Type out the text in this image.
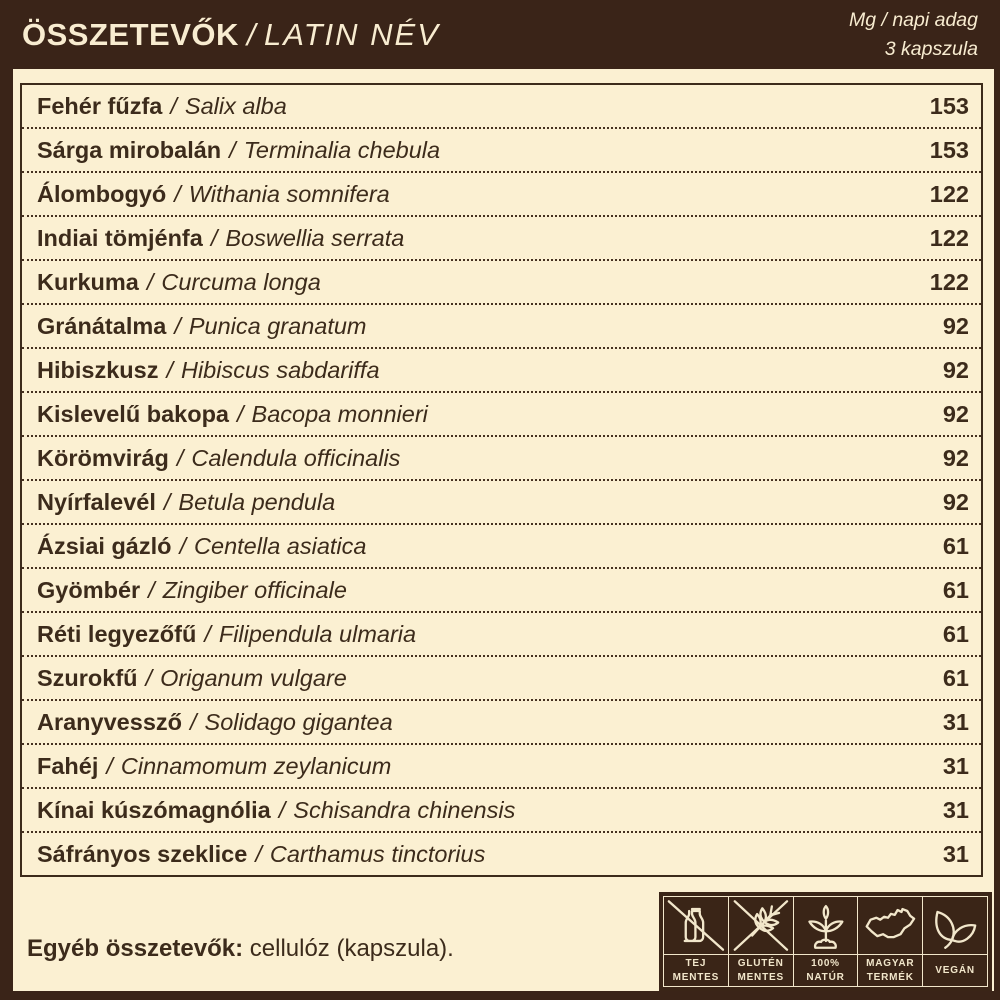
ÖSSZETEVŐK / LATIN NÉV	Mg / napi adag
3 kapszula
Fehér fűzfa / Salix alba	153
Sárga mirobalán / Terminalia chebula	153
Álombogyó / Withania somnifera	122
Indiai tömjénfa / Boswellia serrata	122
Kurkuma / Curcuma longa	122
Gránátalma / Punica granatum	92
Hibiszkusz / Hibiscus sabdariffa	92
Kislevelű bakopa / Bacopa monnieri	92
Körömvirág / Calendula officinalis	92
Nyírfalevél / Betula pendula	92
Ázsiai gázló / Centella asiatica	61
Gyömbér / Zingiber officinale	61
Réti legyezőfű / Filipendula ulmaria	61
Szurokfű / Origanum vulgare	61
Aranyvessző / Solidago gigantea	31
Fahéj / Cinnamomum zeylanicum	31
Kínai kúszómagnólia / Schisandra chinensis	31
Sáfrányos szeklice / Carthamus tinctorius	31

Egyéb összetevők: cellulóz (kapszula).

TEJ
MENTES
GLUTÉN
MENTES
100%
NATÚR
MAGYAR
TERMÉK
VEGÁN
